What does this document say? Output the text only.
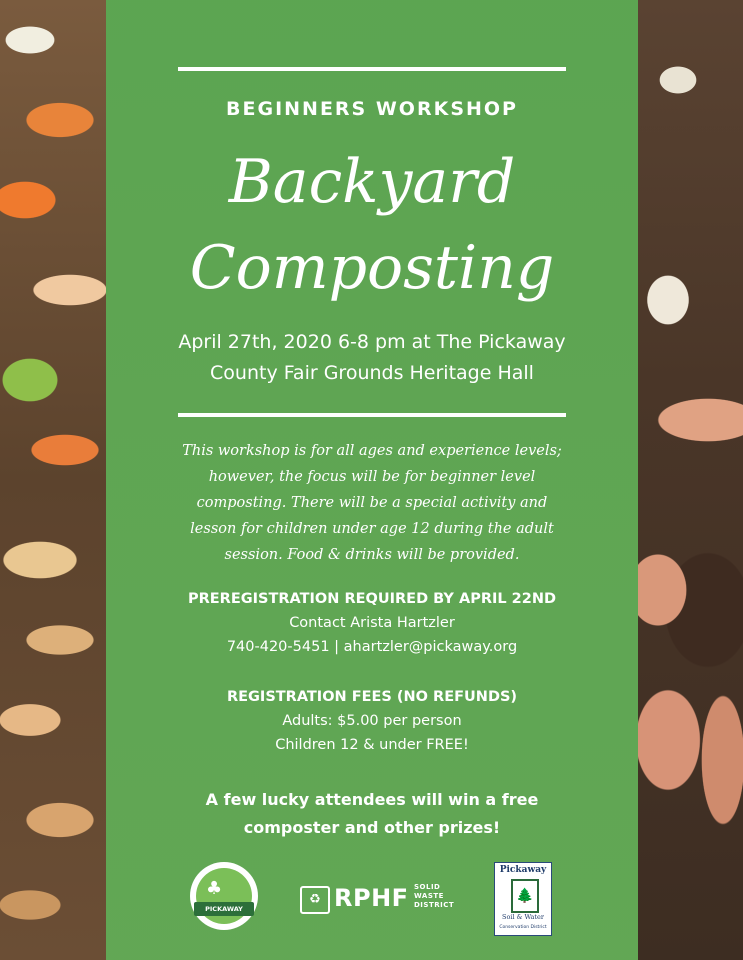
BEGINNERS WORKSHOP
Backyard
Composting
April 27th, 2020 6-8 pm at The Pickaway
County Fair Grounds Heritage Hall
This workshop is for all ages and experience levels; however, the focus will be for beginner level composting. There will be a special activity and lesson for children under age 12 during the adult session. Food & drinks will be provided.
PREREGISTRATION REQUIRED BY APRIL 22ND
Contact Arista Hartzler
740-420-5451 | ahartzler@pickaway.org
REGISTRATION FEES (NO REFUNDS)
Adults: $5.00 per person
Children 12 & under FREE!
A few lucky attendees will win a free
composter and other prizes!
♣
PICKAWAY
♻ RPHF SOLID
WASTE
DISTRICT
Pickaway
🌲
Soil & Water
Conservation District
